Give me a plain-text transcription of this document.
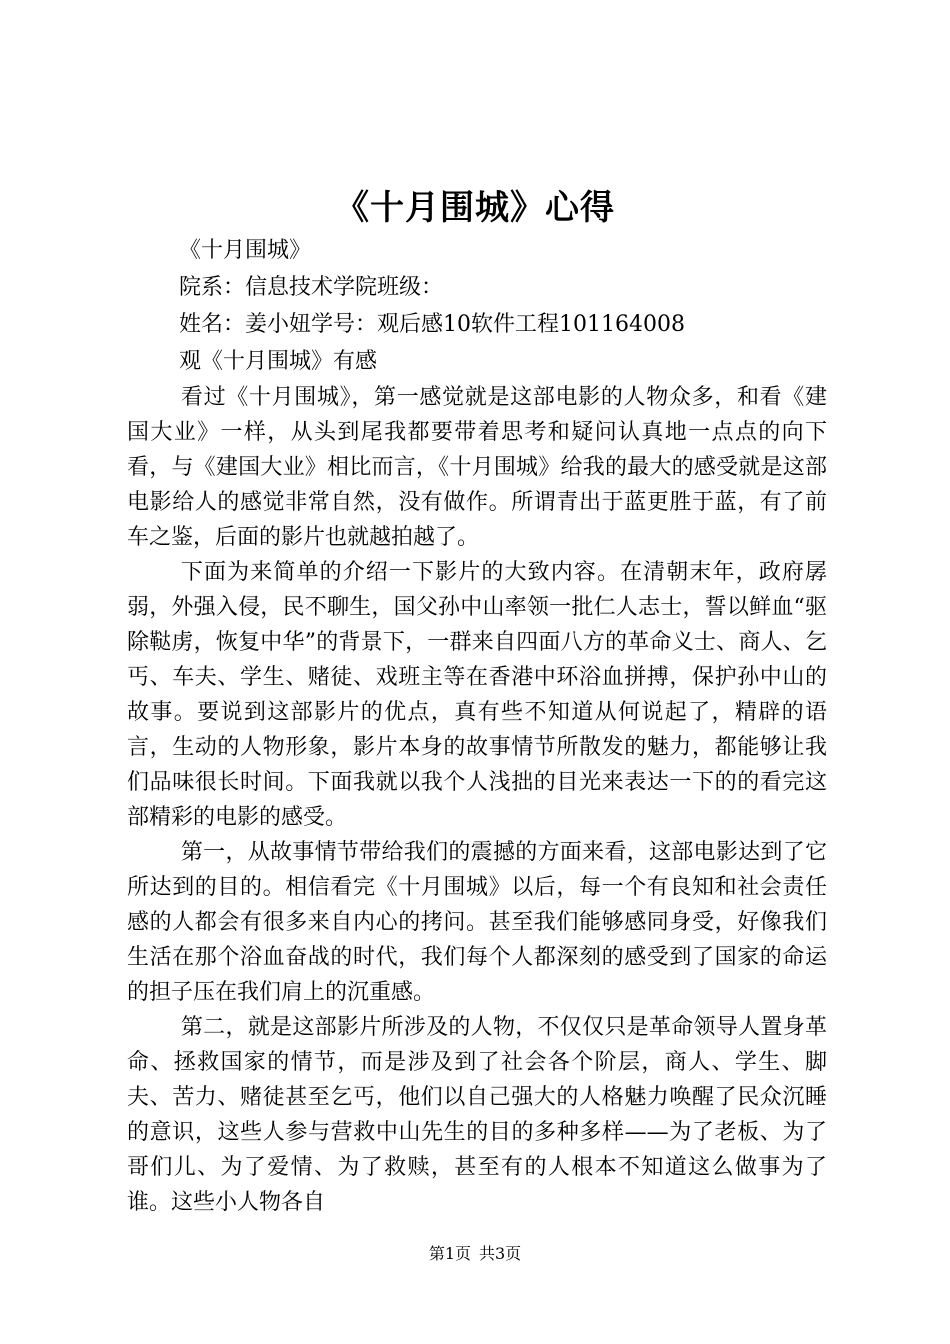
《十月围城》心得

《十月围城》

院系：信息技术学院班级：

姓名：姜小妞学号：观后感10软件工程101164008

观《十月围城》有感

看过《十月围城》，第一感觉就是这部电影的人物众多，和看《建国大业》一样，从头到尾我都要带着思考和疑问认真地一点点的向下看，与《建国大业》相比而言，《十月围城》给我的最大的感受就是这部电影给人的感觉非常自然，没有做作。所谓青出于蓝更胜于蓝，有了前车之鉴，后面的影片也就越拍越了。

下面为来简单的介绍一下影片的大致内容。在清朝末年，政府孱弱，外强入侵，民不聊生，国父孙中山率领一批仁人志士，誓以鲜血“驱除鞑虏，恢复中华”的背景下，一群来自四面八方的革命义士、商人、乞丐、车夫、学生、赌徒、戏班主等在香港中环浴血拼搏，保护孙中山的故事。要说到这部影片的优点，真有些不知道从何说起了，精辟的语言，生动的人物形象，影片本身的故事情节所散发的魅力，都能够让我们品味很长时间。下面我就以我个人浅拙的目光来表达一下的的看完这部精彩的电影的感受。

第一，从故事情节带给我们的震撼的方面来看，这部电影达到了它所达到的目的。相信看完《十月围城》以后，每一个有良知和社会责任感的人都会有很多来自内心的拷问。甚至我们能够感同身受，好像我们生活在那个浴血奋战的时代，我们每个人都深刻的感受到了国家的命运的担子压在我们肩上的沉重感。

第二，就是这部影片所涉及的人物，不仅仅只是革命领导人置身革命、拯救国家的情节，而是涉及到了社会各个阶层，商人、学生、脚夫、苦力、赌徒甚至乞丐，他们以自己强大的人格魅力唤醒了民众沉睡的意识，这些人参与营救中山先生的目的多种多样——为了老板、为了哥们儿、为了爱情、为了救赎，甚至有的人根本不知道这么做事为了谁。这些小人物各自

第1页 共3页
